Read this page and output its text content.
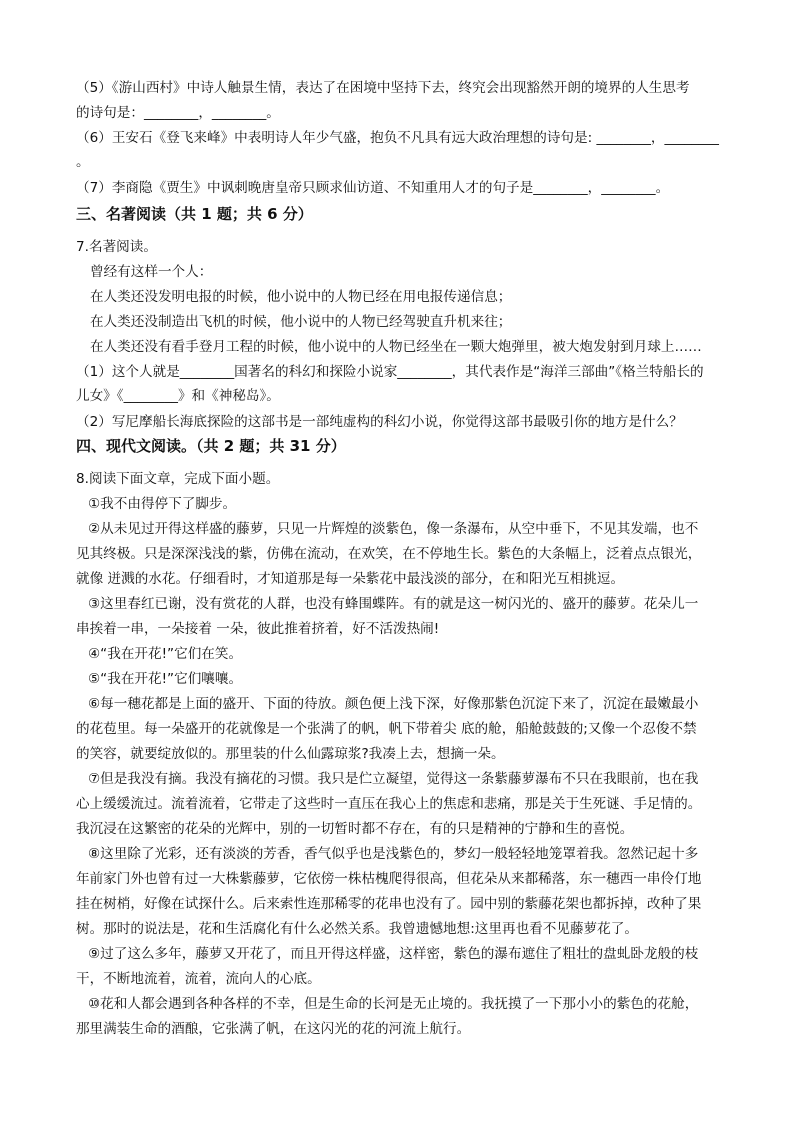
（5）《游山西村》中诗人触景生情，表达了在困境中坚持下去，终究会出现豁然开朗的境界的人生思考
的诗句是：________，________。
（6）王安石《登飞来峰》中表明诗人年少气盛，抱负不凡具有远大政治理想的诗句是: ________，________
。
（7）李商隐《贾生》中讽刺晚唐皇帝只顾求仙访道、不知重用人才的句子是________，________。
三、名著阅读（共 1 题；共 6 分）
7.名著阅读。
曾经有这样一个人：
在人类还没发明电报的时候，他小说中的人物已经在用电报传递信息；
在人类还没制造出飞机的时候，他小说中的人物已经驾驶直升机来往；
在人类还没有看手登月工程的时候，他小说中的人物已经坐在一颗大炮弹里，被大炮发射到月球上……
（1）这个人就是________国著名的科幻和探险小说家________，其代表作是“海洋三部曲”《格兰特船长的
儿女》《________》和《神秘岛》。
（2）写尼摩船长海底探险的这部书是一部纯虚构的科幻小说，你觉得这部书最吸引你的地方是什么？
四、现代文阅读。（共 2 题；共 31 分）
8.阅读下面文章，完成下面小题。
①我不由得停下了脚步。
②从未见过开得这样盛的藤萝，只见一片辉煌的淡紫色，像一条瀑布，从空中垂下，不见其发端，也不
见其终极。只是深深浅浅的紫，仿佛在流动，在欢笑，在不停地生长。紫色的大条幅上，泛着点点银光，
就像 迸溅的水花。仔细看时，才知道那是每一朵紫花中最浅淡的部分，在和阳光互相挑逗。
③这里春红已谢，没有赏花的人群，也没有蜂围蝶阵。有的就是这一树闪光的、盛开的藤萝。花朵儿一
串挨着一串，一朵接着 一朵，彼此推着挤着，好不活泼热闹!
④“我在开花!”它们在笑。
⑤“我在开花!”它们嚷嚷。
⑥每一穗花都是上面的盛开、下面的待放。颜色便上浅下深，好像那紫色沉淀下来了，沉淀在最嫩最小
的花苞里。每一朵盛开的花就像是一个张满了的帆，帆下带着尖 底的舱，船舱鼓鼓的;又像一个忍俊不禁
的笑容，就要绽放似的。那里装的什么仙露琼浆?我凑上去，想摘一朵。
⑦但是我没有摘。我没有摘花的习惯。我只是伫立凝望，觉得这一条紫藤萝瀑布不只在我眼前，也在我
心上缓缓流过。流着流着，它带走了这些时一直压在我心上的焦虑和悲痛，那是关于生死谜、手足情的。
我沉浸在这繁密的花朵的光辉中，别的一切暂时都不存在，有的只是精神的宁静和生的喜悦。
⑧这里除了光彩，还有淡淡的芳香，香气似乎也是浅紫色的，梦幻一般轻轻地笼罩着我。忽然记起十多
年前家门外也曾有过一大株紫藤萝，它依傍一株枯槐爬得很高，但花朵从来都稀落，东一穗西一串伶仃地
挂在树梢，好像在试探什么。后来索性连那稀零的花串也没有了。园中别的紫藤花架也都拆掉，改种了果
树。那时的说法是，花和生活腐化有什么必然关系。我曾遗憾地想:这里再也看不见藤萝花了。
⑨过了这么多年，藤萝又开花了，而且开得这样盛，这样密，紫色的瀑布遮住了粗壮的盘虬卧龙般的枝
干，不断地流着，流着，流向人的心底。
⑩花和人都会遇到各种各样的不幸，但是生命的长河是无止境的。我抚摸了一下那小小的紫色的花舱，
那里满装生命的酒酿，它张满了帆，在这闪光的花的河流上航行。
